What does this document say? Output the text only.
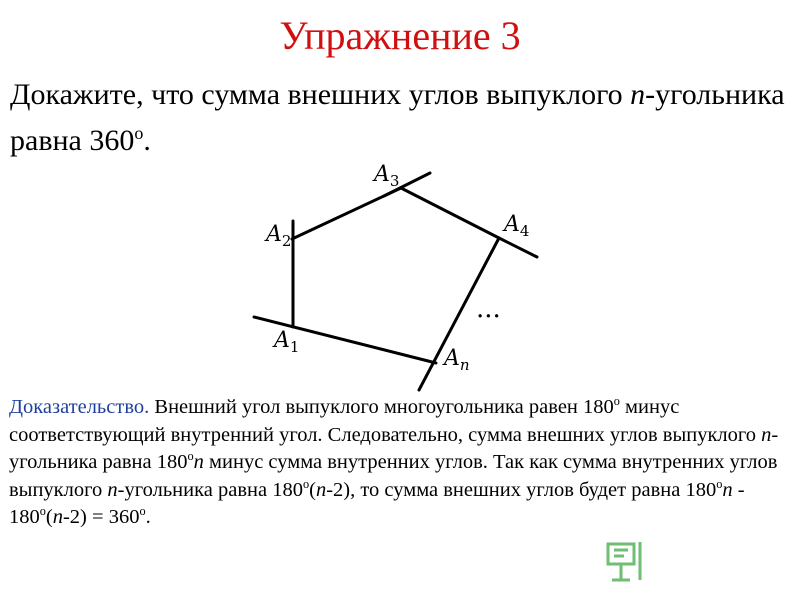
Упражнение 3
Докажите, что сумма внешних углов выпуклого n-угольника равна 360$^o$.
$A_1$
$A_2$
$A_3$
$A_4$
$A_n$
...
Доказательство. Внешний угол выпуклого многоугольника равен 180$^o$ минус соответствующий внутренний угол. Следовательно, сумма внешних углов выпуклого n-угольника равна 180$^o$n минус сумма внутренних углов. Так как сумма внутренних углов выпуклого n-угольника равна 180$^o$(n-2), то сумма внешних углов будет равна $180^on - 180^o(n-2) = 360^o$.
